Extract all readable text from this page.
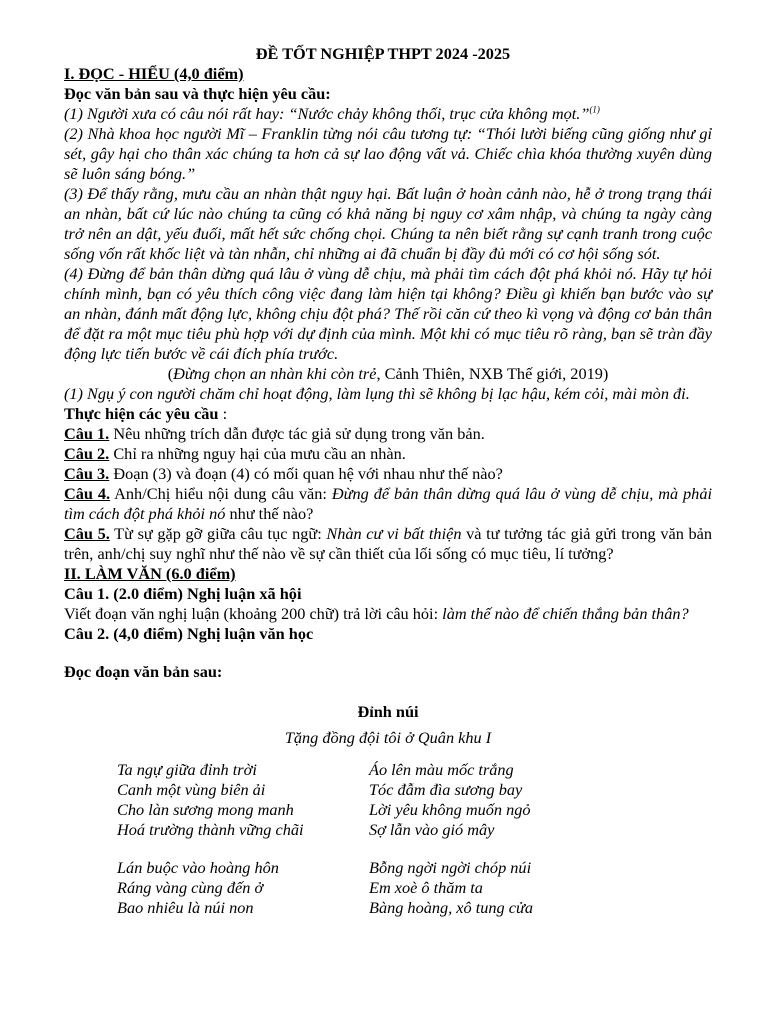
ĐỀ TỐT NGHIỆP THPT 2024 -2025

I. ĐỌC - HIỂU (4,0 điểm)

Đọc văn bản sau và thực hiện yêu cầu:

(1) Người xưa có câu nói rất hay: “Nước chảy không thối, trục cửa không mọt.”$^{(1)}$

(2) Nhà khoa học người Mĩ – Franklin từng nói câu tương tự: “Thói lười biếng cũng giống như gỉ sét, gây hại cho thân xác chúng ta hơn cả sự lao động vất vả. Chiếc chìa khóa thường xuyên dùng sẽ luôn sáng bóng.”

(3) Để thấy rằng, mưu cầu an nhàn thật nguy hại. Bất luận ở hoàn cảnh nào, hễ ở trong trạng thái an nhàn, bất cứ lúc nào chúng ta cũng có khả năng bị nguy cơ xâm nhập, và chúng ta ngày càng trở nên an dật, yếu đuối, mất hết sức chống chọi. Chúng ta nên biết rằng sự cạnh tranh trong cuộc sống vốn rất khốc liệt và tàn nhẫn, chỉ những ai đã chuẩn bị đầy đủ mới có cơ hội sống sót.

(4) Đừng để bản thân dừng quá lâu ở vùng dễ chịu, mà phải tìm cách đột phá khỏi nó. Hãy tự hỏi chính mình, bạn có yêu thích công việc đang làm hiện tại không? Điều gì khiến bạn bước vào sự an nhàn, đánh mất động lực, không chịu đột phá? Thế rồi căn cứ theo kì vọng và động cơ bản thân để đặt ra một mục tiêu phù hợp với dự định của mình. Một khi có mục tiêu rõ ràng, bạn sẽ tràn đầy động lực tiến bước về cái đích phía trước.

(Đừng chọn an nhàn khi còn trẻ, Cảnh Thiên, NXB Thế giới, 2019)

(1) Ngụ ý con người chăm chỉ hoạt động, làm lụng thì sẽ không bị lạc hậu, kém cỏi, mài mòn đi.

Thực hiện các yêu cầu :

Câu 1. Nêu những trích dẫn được tác giả sử dụng trong văn bản.

Câu 2. Chỉ ra những nguy hại của mưu cầu an nhàn.

Câu 3. Đoạn (3) và đoạn (4) có mối quan hệ với nhau như thế nào?

Câu 4. Anh/Chị hiểu nội dung câu văn: Đừng để bản thân dừng quá lâu ở vùng dễ chịu, mà phải tìm cách đột phá khỏi nó như thế nào?

Câu 5. Từ sự gặp gỡ giữa câu tục ngữ: Nhàn cư vi bất thiện và tư tưởng tác giả gửi trong văn bản trên, anh/chị suy nghĩ như thế nào về sự cần thiết của lối sống có mục tiêu, lí tưởng?

II. LÀM VĂN (6.0 điểm)

Câu 1. (2.0 điểm) Nghị luận xã hội

Viết đoạn văn nghị luận (khoảng 200 chữ) trả lời câu hỏi: làm thế nào để chiến thắng bản thân?

Câu 2. (4,0 điểm) Nghị luận văn học

Đọc đoạn văn bản sau:

Đỉnh núi

Tặng đồng đội tôi ở Quân khu I

Ta ngự giữa đỉnh trời	Áo lên màu mốc trắng
Canh một vùng biên ải	Tóc đẫm đìa sương bay
Cho làn sương mong manh	Lời yêu không muốn ngỏ
Hoá trường thành vững chãi	Sợ lẫn vào gió mây
Lán buộc vào hoàng hôn	Bỗng ngời ngời chóp núi
Ráng vàng cùng đến ở	Em xoè ô thăm ta
Bao nhiêu là núi non	Bàng hoàng, xô tung cửa
